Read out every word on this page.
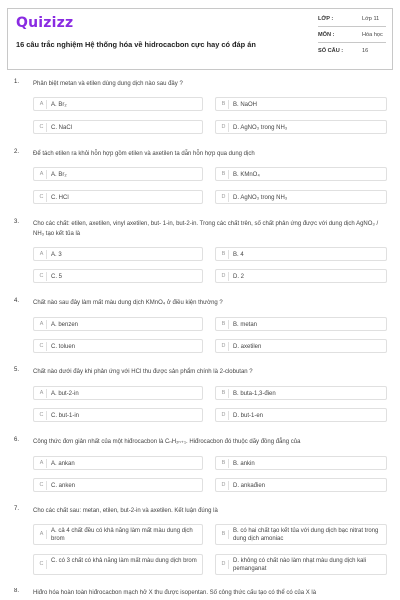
Quizizz
16 câu trắc nghiệm Hệ thống hóa về hidrocacbon cực hay có đáp án
LỚP :	Lớp 11
MÔN :	Hóa học
SỐ CÂU :	16
1. Phân biệt metan và etilen dùng dung dịch nào sau đây ?
A	A. Br₂	B	B. NaOH
C	C. NaCl	D	D. AgNO₃ trong NH₃
2. Để tách etilen ra khỏi hỗn hợp gồm etilen và axetilen ta dẫn hỗn hợp qua dung dịch
A	A. Br₂	B	B. KMnO₄
C	C. HCl	D	D. AgNO₃ trong NH₃
3. Cho các chất: etilen, axetilen, vinyl axetilen, but- 1-in, but-2-in. Trong các chất trên, số chất phản ứng được với dung dịch AgNO₃ / NH₃ tạo kết tủa là
A	A. 3	B	B. 4
C	C. 5	D	D. 2
4. Chất nào sau đây làm mất màu dung dịch KMnO₄ ở điều kiện thường ?
A	A. benzen	B	B. metan
C	C. toluen	D	D. axetilen
5. Chất nào dưới đây khi phản ứng với HCl thu được sản phẩm chính là 2-clobutan ?
A	A. but-2-in	B	B. buta-1,3-đien
C	C. but-1-in	D	D. but-1-en
6. Công thức đơn giản nhất của một hiđrocacbon là CₙH₂ₙ₊₁. Hiđrocacbon đó thuộc dãy đồng đẳng của
A	A. ankan	B	B. ankin
C	C. anken	D	D. ankađien
7. Cho các chất sau: metan, etilen, but-2-in và axetilen. Kết luận đúng là
A	A. cả 4 chất đều có khả năng làm mất màu dung dịch brom
B	B. có hai chất tạo kết tủa với dung dịch bạc nitrat trong dung dịch amoniac
C	C. có 3 chất có khả năng làm mất màu dung dịch brom	D	D. không có chất nào làm nhạt màu dung dịch kali pemanganat
8. Hiđro hóa hoàn toàn hiđrocacbon mạch hở X thu được isopentan. Số công thức cấu tạo có thể có của X là
